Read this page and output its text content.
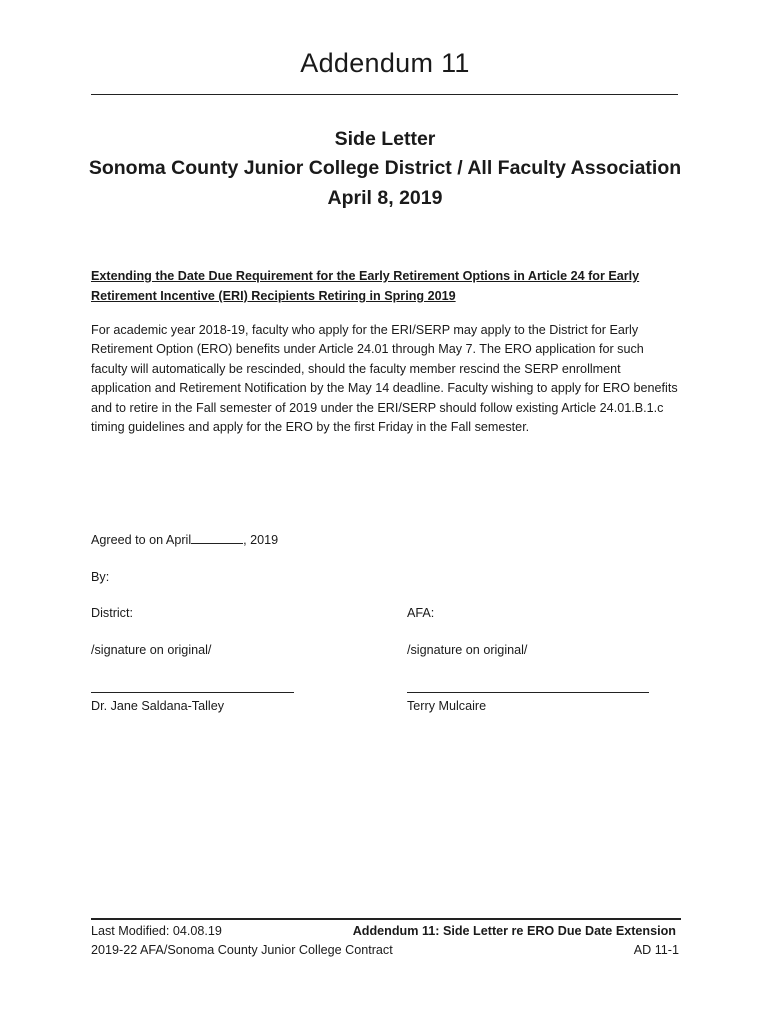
Addendum 11
Side Letter
Sonoma County Junior College District / All Faculty Association
April 8, 2019
Extending the Date Due Requirement for the Early Retirement Options in Article 24 for Early Retirement Incentive (ERI) Recipients Retiring in Spring 2019
For academic year 2018-19, faculty who apply for the ERI/SERP may apply to the District for Early Retirement Option (ERO) benefits under Article 24.01 through May 7. The ERO application for such faculty will automatically be rescinded, should the faculty member rescind the SERP enrollment application and Retirement Notification by the May 14 deadline. Faculty wishing to apply for ERO benefits and to retire in the Fall semester of 2019 under the ERI/SERP should follow existing Article 24.01.B.1.c timing guidelines and apply for the ERO by the first Friday in the Fall semester.
Agreed to on April	, 2019
By:
District:	AFA:
/signature on original/	/signature on original/
Dr. Jane Saldana-Talley	Terry Mulcaire
Last Modified: 04.08.19	Addendum 11: Side Letter re ERO Due Date Extension
2019-22 AFA/Sonoma County Junior College Contract	AD 11-1
